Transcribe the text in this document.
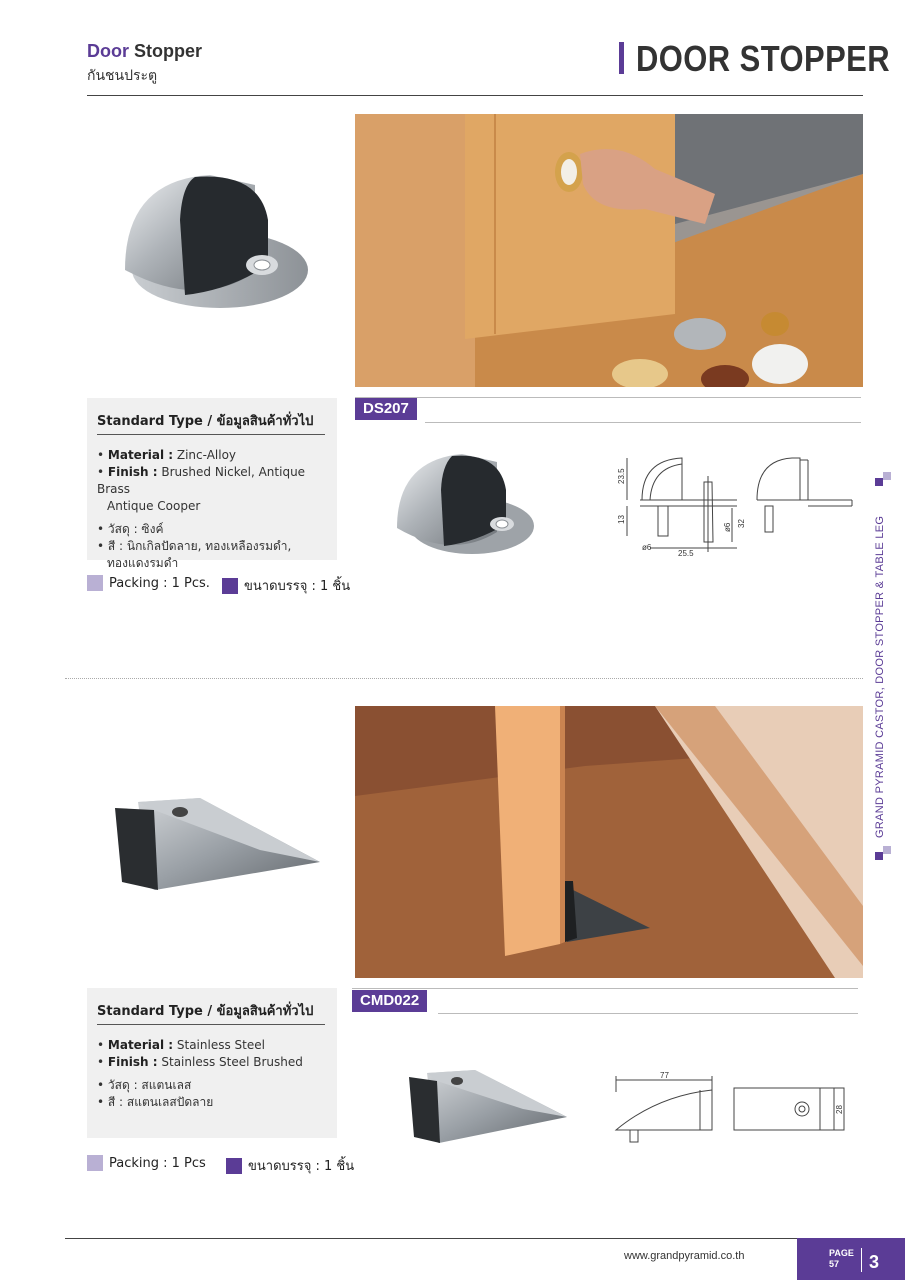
Door Stopper
กันชนประตู	DOOR STOPPER
DS207
Standard Type / ข้อมูลสินค้าทั่วไป
• Material : Zinc-Alloy
• Finish : Brushed Nickel, Antique Brass
Antique Cooper
• วัสดุ : ซิงค์
• สี : นิกเกิลปัดลาย, ทองเหลืองรมดำ,
ทองแดงรมดำ
Packing : 1 Pcs.	ขนาดบรรจุ : 1 ชิ้น
23.5
13	32
ø6
ø6
25.5
CMD022
Standard Type / ข้อมูลสินค้าทั่วไป
• Material : Stainless Steel
• Finish : Stainless Steel Brushed
• วัสดุ : สแตนเลส
• สี : สแตนเลสปัดลาย
Packing : 1 Pcs	ขนาดบรรจุ : 1 ชิ้น
77
28
GRAND PYRAMID CASTOR, DOOR STOPPER & TABLE LEG
www.grandpyramid.co.th	PAGE
57	3
